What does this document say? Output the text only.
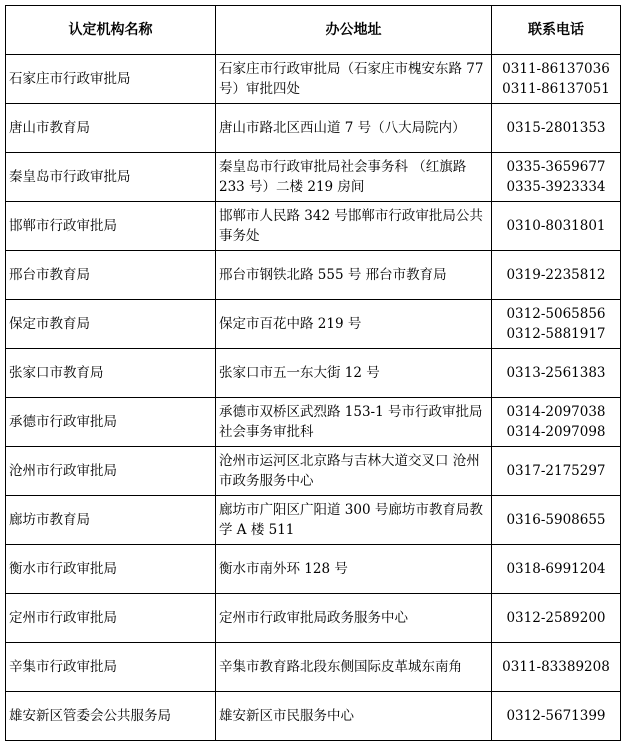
认定机构名称	办公地址	联系电话
石家庄市行政审批局	石家庄市行政审批局（石家庄市槐安东路 77 号）审批四处	0311-86137036
0311-86137051

唐山市教育局	唐山市路北区西山道 7 号（八大局院内）	0315-2801353

秦皇岛市行政审批局	秦皇岛市行政审批局社会事务科 （红旗路 233 号）二楼 219 房间	0335-3659677
0335-3923334

邯郸市行政审批局	邯郸市人民路 342 号邯郸市行政审批局公共事务处	0310-8031801

邢台市教育局	邢台市钢铁北路 555 号 邢台市教育局	0319-2235812

保定市教育局	保定市百花中路 219 号	0312-5065856
0312-5881917

张家口市教育局	张家口市五一东大街 12 号	0313-2561383

承德市行政审批局	承德市双桥区武烈路 153-1 号市行政审批局社会事务审批科	0314-2097038
0314-2097098

沧州市行政审批局	沧州市运河区北京路与吉林大道交叉口 沧州市政务服务中心	0317-2175297

廊坊市教育局	廊坊市广阳区广阳道 300 号廊坊市教育局教学 A 楼 511	0316-5908655

衡水市行政审批局	衡水市南外环 128 号	0318-6991204

定州市行政审批局	定州市行政审批局政务服务中心	0312-2589200

辛集市行政审批局	辛集市教育路北段东侧国际皮革城东南角	0311-83389208

雄安新区管委会公共服务局	雄安新区市民服务中心	0312-5671399
